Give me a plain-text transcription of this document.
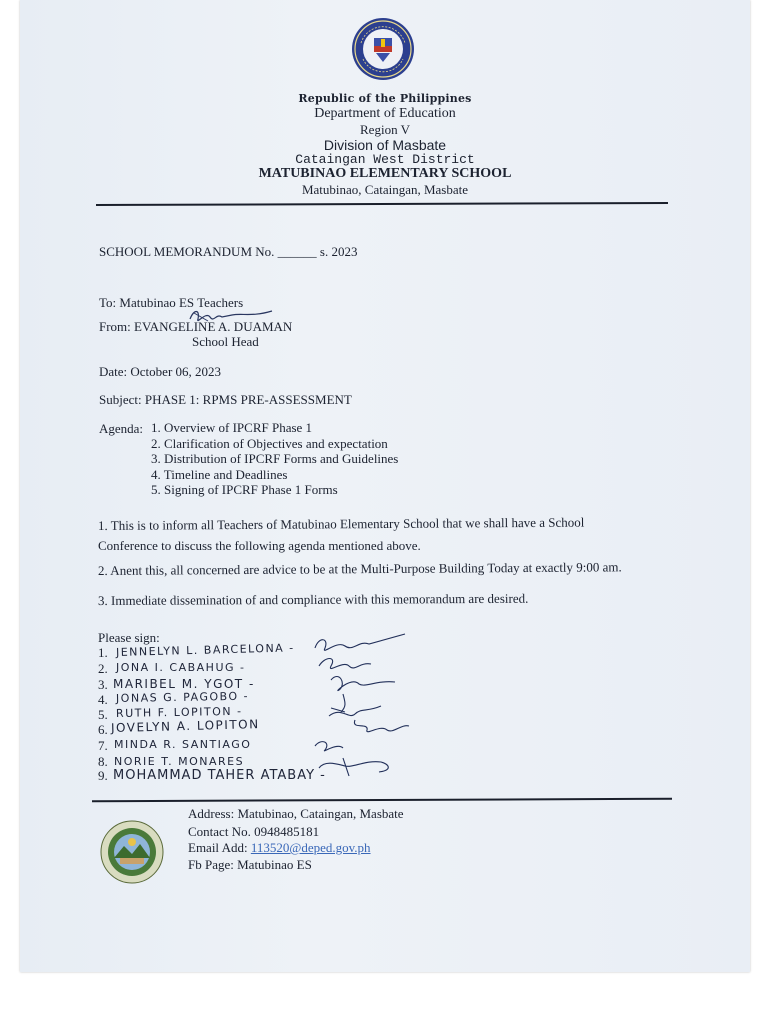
Republic of the Philippines
Department of Education
Region V
Division of Masbate
Cataingan West District
MATUBINAO ELEMENTARY SCHOOL
Matubinao, Cataingan, Masbate
SCHOOL MEMORANDUM No. ______ s. 2023
To: Matubinao ES Teachers
From: EVANGELINE A. DUAMAN
School Head
Date: October 06, 2023
Subject: PHASE 1: RPMS PRE-ASSESSMENT
Agenda: 1. Overview of IPCRF Phase 1
2. Clarification of Objectives and expectation
3. Distribution of IPCRF Forms and Guidelines
4. Timeline and Deadlines
5. Signing of IPCRF Phase 1 Forms
1. This is to inform all Teachers of Matubinao Elementary School that we shall have a School
Conference to discuss the following agenda mentioned above.
2. Anent this, all concerned are advice to be at the Multi-Purpose Building Today at exactly 9:00 am.
3. Immediate dissemination of and compliance with this memorandum are desired.
Please sign:
1. JENNELYN L. BARCELONA -
2. JONA I. CABAHUG -
3. MARIBEL M. YGOT -
4. JONAS G. PAGOBO -
5. RUTH F. LOPITON -
6. JOVELYN A. LOPITON
7. MINDA R. SANTIAGO
8. NORIE T. MONARES
9. MOHAMMAD TAHER ATABAY -
Address: Matubinao, Cataingan, Masbate
Contact No. 0948485181
Email Add: 113520@deped.gov.ph
Fb Page: Matubinao ES
